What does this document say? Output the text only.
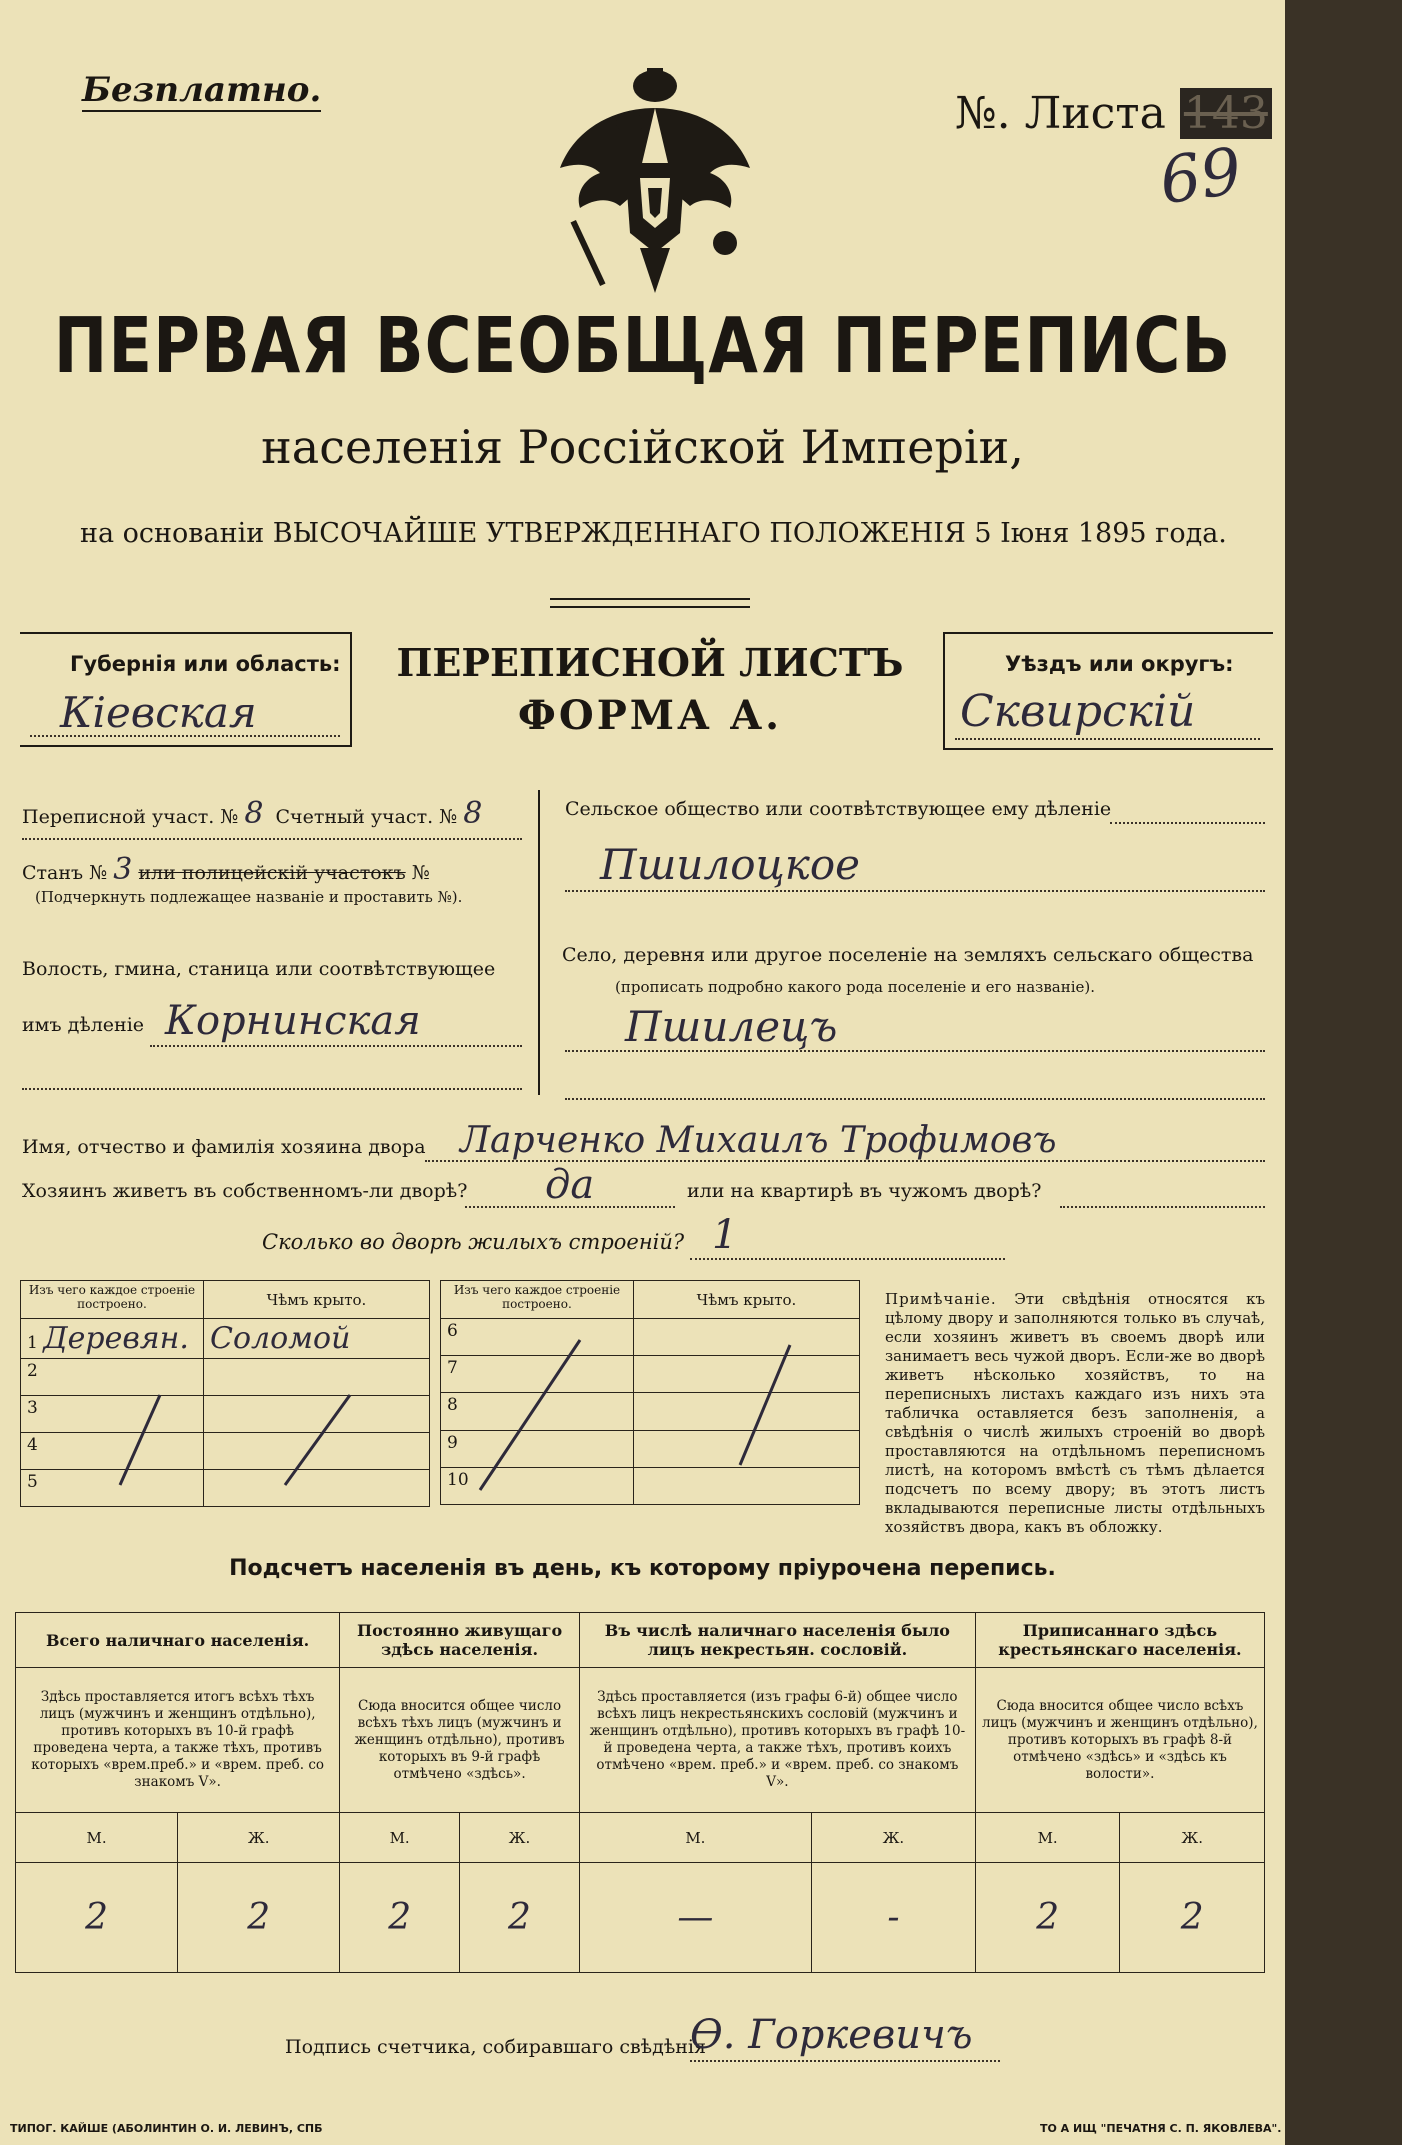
Безплатно.	№. Листа 143
69
ПЕРВАЯ ВСЕОБЩАЯ ПЕРЕПИСЬ
населенія Россійской Имперіи,
на основаніи ВЫСОЧАЙШЕ УТВЕРЖДЕННАГО ПОЛОЖЕНІЯ 5 Іюня 1895 года.
Губернія или область:
Кіевская
ПЕРЕПИСНОЙ ЛИСТЪ
ФОРМА А.
Уѣздъ или округъ:
Сквирскій
Переписной участ. № 8 Счетный участ. № 8
Станъ № 3 или полицейскій участокъ №
(Подчеркнуть подлежащее названіе и проставить №).
Волость, гмина, станица или соотвѣтствующее
имъ дѣленіе Корнинская
Сельское общество или соотвѣтствующее ему дѣленіе
Пшилоцкое
Село, деревня или другое поселеніе на земляхъ сельскаго общества
(прописать подробно какого рода поселеніе и его названіе).
Пшилецъ
Имя, отчество и фамилія хозяина двора Ларченко Михаилъ Трофимовъ
Хозяинъ живетъ въ собственномъ-ли дворѣ? да	или на квартирѣ въ чужомъ дворѣ?
Сколько во дворѣ жилыхъ строеній? 1
Изъ чего каждое строеніе построено.	Чѣмъ крыто.
1 Деревян.	Соломой
2	
3	
4	
5	
Изъ чего каждое строеніе построено.	Чѣмъ крыто.
6	
7	
8	
9	
10	
Примѣчаніе. Эти свѣдѣнія относятся къ цѣлому двору и заполняются только въ случаѣ, если хозяинъ живетъ въ своемъ дворѣ или занимаетъ весь чужой дворъ. Если-же во дворѣ живетъ нѣсколько хозяйствъ, то на переписныхъ листахъ каждаго изъ нихъ эта табличка оставляется безъ заполненія, а свѣдѣнія о числѣ жилыхъ строеній во дворѣ проставляются на отдѣльномъ переписномъ листѣ, на которомъ вмѣстѣ съ тѣмъ дѣлается подсчетъ по всему двору; въ этотъ листъ вкладываются переписные листы отдѣльныхъ хозяйствъ двора, какъ въ обложку.
Подсчетъ населенія въ день, къ которому пріурочена перепись.
Всего наличнаго населенія.		Постоянно живущаго здѣсь населенія.		Въ числѣ наличнаго населенія было лицъ некрестьян. сословій.		Приписаннаго здѣсь крестьянскаго населенія.	
Здѣсь проставляется итогъ всѣхъ тѣхъ лицъ (мужчинъ и женщинъ отдѣльно), противъ которыхъ въ 10-й графѣ проведена черта, а также тѣхъ, противъ которыхъ «врем.преб.» и «врем. преб. со знакомъ V».		Сюда вносится общее число всѣхъ тѣхъ лицъ (мужчинъ и женщинъ отдѣльно), противъ которыхъ въ 9-й графѣ отмѣчено «здѣсь».		Здѣсь проставляется (изъ графы 6-й) общее число всѣхъ лицъ некрестьянскихъ сословій (мужчинъ и женщинъ отдѣльно), противъ которыхъ въ графѣ 10-й проведена черта, а также тѣхъ, противъ коихъ отмѣчено «врем. преб.» и «врем. преб. со знакомъ V».		Сюда вносится общее число всѣхъ лицъ (мужчинъ и женщинъ отдѣльно), противъ которыхъ въ графѣ 8-й отмѣчено «здѣсь» и «здѣсь къ волости».	
М.	Ж.	М.	Ж.	М.	Ж.	М.	Ж.
2	2	2	2	—	-	2	2
Подпись счетчика, собиравшаго свѣдѣнія
Ѳ. Горкевичъ
ТИПОГ. КАЙШЕ (АБОЛИНТИН О. И. ЛЕВИНЪ, СПБ	ТО А ИЩ "ПЕЧАТНЯ С. П. ЯКОВЛЕВА".
